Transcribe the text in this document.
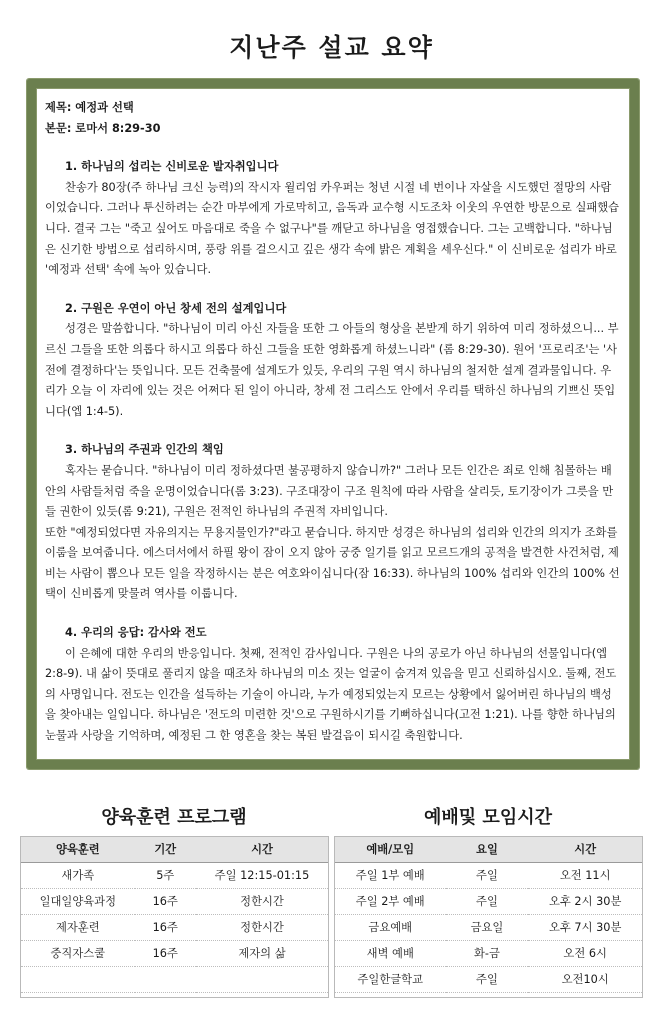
지난주 설교 요약
제목: 예정과 선택
본문: 로마서 8:29-30
1. 하나님의 섭리는 신비로운 발자취입니다
찬송가 80장(주 하나님 크신 능력)의 작시자 윌리엄 카우퍼는 청년 시절 네 번이나 자살을 시도했던 절망의 사람이었습니다. 그러나 투신하려는 순간 마부에게 가로막히고, 음독과 교수형 시도조차 이웃의 우연한 방문으로 실패했습니다. 결국 그는 "죽고 싶어도 마음대로 죽을 수 없구나"를 깨닫고 하나님을 영접했습니다. 그는 고백합니다. "하나님은 신기한 방법으로 섭리하시며, 풍랑 위를 걸으시고 깊은 생각 속에 밝은 계획을 세우신다." 이 신비로운 섭리가 바로 '예정과 선택' 속에 녹아 있습니다.
2. 구원은 우연이 아닌 창세 전의 설계입니다
성경은 말씀합니다. "하나님이 미리 아신 자들을 또한 그 아들의 형상을 본받게 하기 위하여 미리 정하셨으니... 부르신 그들을 또한 의롭다 하시고 의롭다 하신 그들을 또한 영화롭게 하셨느니라" (롬 8:29-30). 원어 '프로리조'는 '사전에 결정하다'는 뜻입니다. 모든 건축물에 설계도가 있듯, 우리의 구원 역시 하나님의 철저한 설계 결과물입니다. 우리가 오늘 이 자리에 있는 것은 어쩌다 된 일이 아니라, 창세 전 그리스도 안에서 우리를 택하신 하나님의 기쁘신 뜻입니다(엡 1:4-5).
3. 하나님의 주권과 인간의 책임
혹자는 묻습니다. "하나님이 미리 정하셨다면 불공평하지 않습니까?" 그러나 모든 인간은 죄로 인해 침몰하는 배 안의 사람들처럼 죽을 운명이었습니다(롬 3:23). 구조대장이 구조 원칙에 따라 사람을 살리듯, 토기장이가 그릇을 만들 권한이 있듯(롬 9:21), 구원은 전적인 하나님의 주권적 자비입니다.
또한 "예정되었다면 자유의지는 무용지물인가?"라고 묻습니다. 하지만 성경은 하나님의 섭리와 인간의 의지가 조화를 이룸을 보여줍니다. 에스더서에서 하필 왕이 잠이 오지 않아 궁중 일기를 읽고 모르드개의 공적을 발견한 사건처럼, 제비는 사람이 뽑으나 모든 일을 작정하시는 분은 여호와이십니다(잠 16:33). 하나님의 100% 섭리와 인간의 100% 선택이 신비롭게 맞물려 역사를 이룹니다.
4. 우리의 응답: 감사와 전도
이 은혜에 대한 우리의 반응입니다. 첫째, 전적인 감사입니다. 구원은 나의 공로가 아닌 하나님의 선물입니다(엡 2:8-9). 내 삶이 뜻대로 풀리지 않을 때조차 하나님의 미소 짓는 얼굴이 숨겨져 있음을 믿고 신뢰하십시오. 둘째, 전도의 사명입니다. 전도는 인간을 설득하는 기술이 아니라, 누가 예정되었는지 모르는 상황에서 잃어버린 하나님의 백성을 찾아내는 일입니다. 하나님은 '전도의 미련한 것'으로 구원하시기를 기뻐하십니다(고전 1:21). 나를 향한 하나님의 눈물과 사랑을 기억하며, 예정된 그 한 영혼을 찾는 복된 발걸음이 되시길 축원합니다.
양육훈련 프로그램	예배및 모임시간
양육훈련	기간	시간
새가족	5주	주일 12:15-01:15
일대일양육과정	16주	정한시간
제자훈련	16주	정한시간
중직자스쿨	16주	제자의 삶

예배/모임	요일	시간
주일 1부 예배	주일	오전 11시
주일 2부 예배	주일	오후 2시 30분
금요예배	금요일	오후 7시 30분
새벽 예배	화-금	오전 6시
주일한글학교	주일	오전10시
